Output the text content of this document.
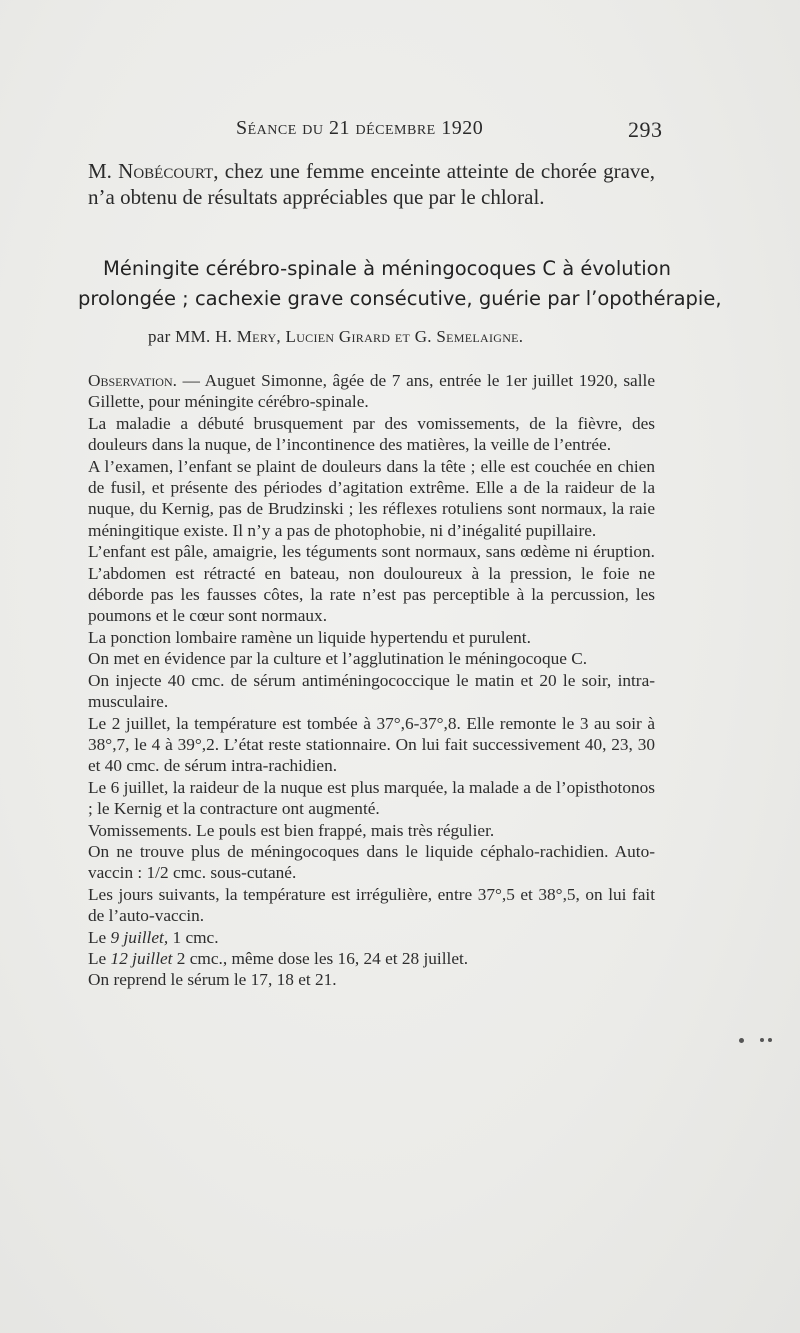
Séance du 21 décembre 1920	293

M. Nobécourt, chez une femme enceinte atteinte de chorée grave, n’a obtenu de résultats appréciables que par le chloral.

Méningite cérébro-spinale à méningocoques C à évolution
prolongée ; cachexie grave consécutive, guérie par l’opothérapie,
par MM. H. Mery, Lucien Girard et G. Semelaigne.

Observation. — Auguet Simonne, âgée de 7 ans, entrée le 1er juillet 1920, salle Gillette, pour méningite cérébro-spinale.

La maladie a débuté brusquement par des vomissements, de la fièvre, des douleurs dans la nuque, de l’incontinence des matières, la veille de l’entrée.

A l’examen, l’enfant se plaint de douleurs dans la tête ; elle est couchée en chien de fusil, et présente des périodes d’agitation extrême. Elle a de la raideur de la nuque, du Kernig, pas de Brudzinski ; les réflexes rotuliens sont normaux, la raie méningitique existe. Il n’y a pas de photophobie, ni d’inégalité pupillaire.

L’enfant est pâle, amaigrie, les téguments sont normaux, sans œdème ni éruption. L’abdomen est rétracté en bateau, non douloureux à la pression, le foie ne déborde pas les fausses côtes, la rate n’est pas perceptible à la percussion, les poumons et le cœur sont normaux.

La ponction lombaire ramène un liquide hypertendu et purulent.

On met en évidence par la culture et l’agglutination le méningocoque C.

On injecte 40 cmc. de sérum antiméningococcique le matin et 20 le soir, intra-musculaire.

Le 2 juillet, la température est tombée à 37°,6-37°,8. Elle remonte le 3 au soir à 38°,7, le 4 à 39°,2. L’état reste stationnaire. On lui fait successivement 40, 23, 30 et 40 cmc. de sérum intra-rachidien.

Le 6 juillet, la raideur de la nuque est plus marquée, la malade a de l’opisthotonos ; le Kernig et la contracture ont augmenté.

Vomissements. Le pouls est bien frappé, mais très régulier.

On ne trouve plus de méningocoques dans le liquide céphalo-rachidien. Auto-vaccin : 1/2 cmc. sous-cutané.

Les jours suivants, la température est irrégulière, entre 37°,5 et 38°,5, on lui fait de l’auto-vaccin.

Le 9 juillet, 1 cmc.

Le 12 juillet 2 cmc., même dose les 16, 24 et 28 juillet.

On reprend le sérum le 17, 18 et 21.
